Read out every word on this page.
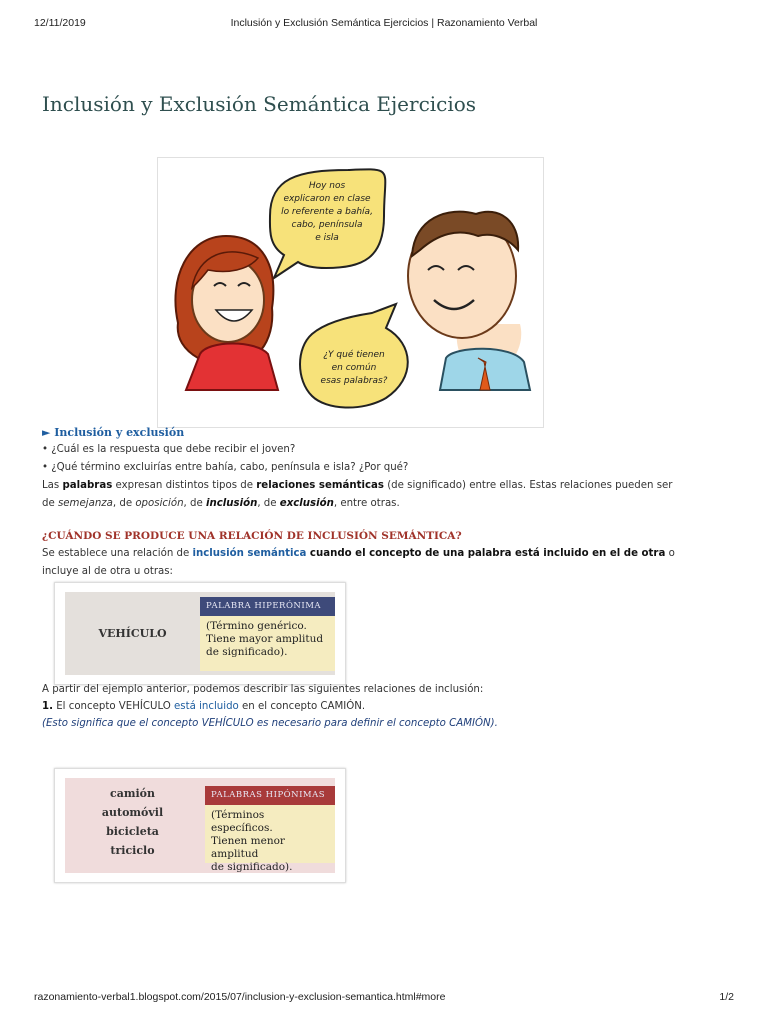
12/11/2019	Inclusión y Exclusión Semántica Ejercicios | Razonamiento Verbal
Inclusión y Exclusión Semántica Ejercicios
Hoy nos
explicaron en clase
lo referente a bahía,
cabo, península
e isla
¿Y qué tienen
en común
esas palabras?
► Inclusión y exclusión
• ¿Cuál es la respuesta que debe recibir el joven?
• ¿Qué término excluirías entre bahía, cabo, península e isla? ¿Por qué?
Las palabras expresan distintos tipos de relaciones semánticas (de significado) entre ellas. Estas relaciones pueden ser
de semejanza, de oposición, de inclusión, de exclusión, entre otras.
¿CUÁNDO SE PRODUCE UNA RELACIÓN DE INCLUSIÓN SEMÁNTICA?
Se establece una relación de inclusión semántica cuando el concepto de una palabra está incluido en el de otra o
incluye al de otra u otras:
VEHÍCULO
PALABRA HIPERÓNIMA
(Término genérico.
Tiene mayor amplitud
de significado).
A partir del ejemplo anterior, podemos describir las siguientes relaciones de inclusión:
1. El concepto VEHÍCULO está incluido en el concepto CAMIÓN.
(Esto significa que el concepto VEHÍCULO es necesario para definir el concepto CAMIÓN).
camión
automóvil
bicicleta
triciclo
PALABRAS HIPÓNIMAS
(Términos específicos.
Tienen menor amplitud
de significado).
razonamiento-verbal1.blogspot.com/2015/07/inclusion-y-exclusion-semantica.html#more	1/2
